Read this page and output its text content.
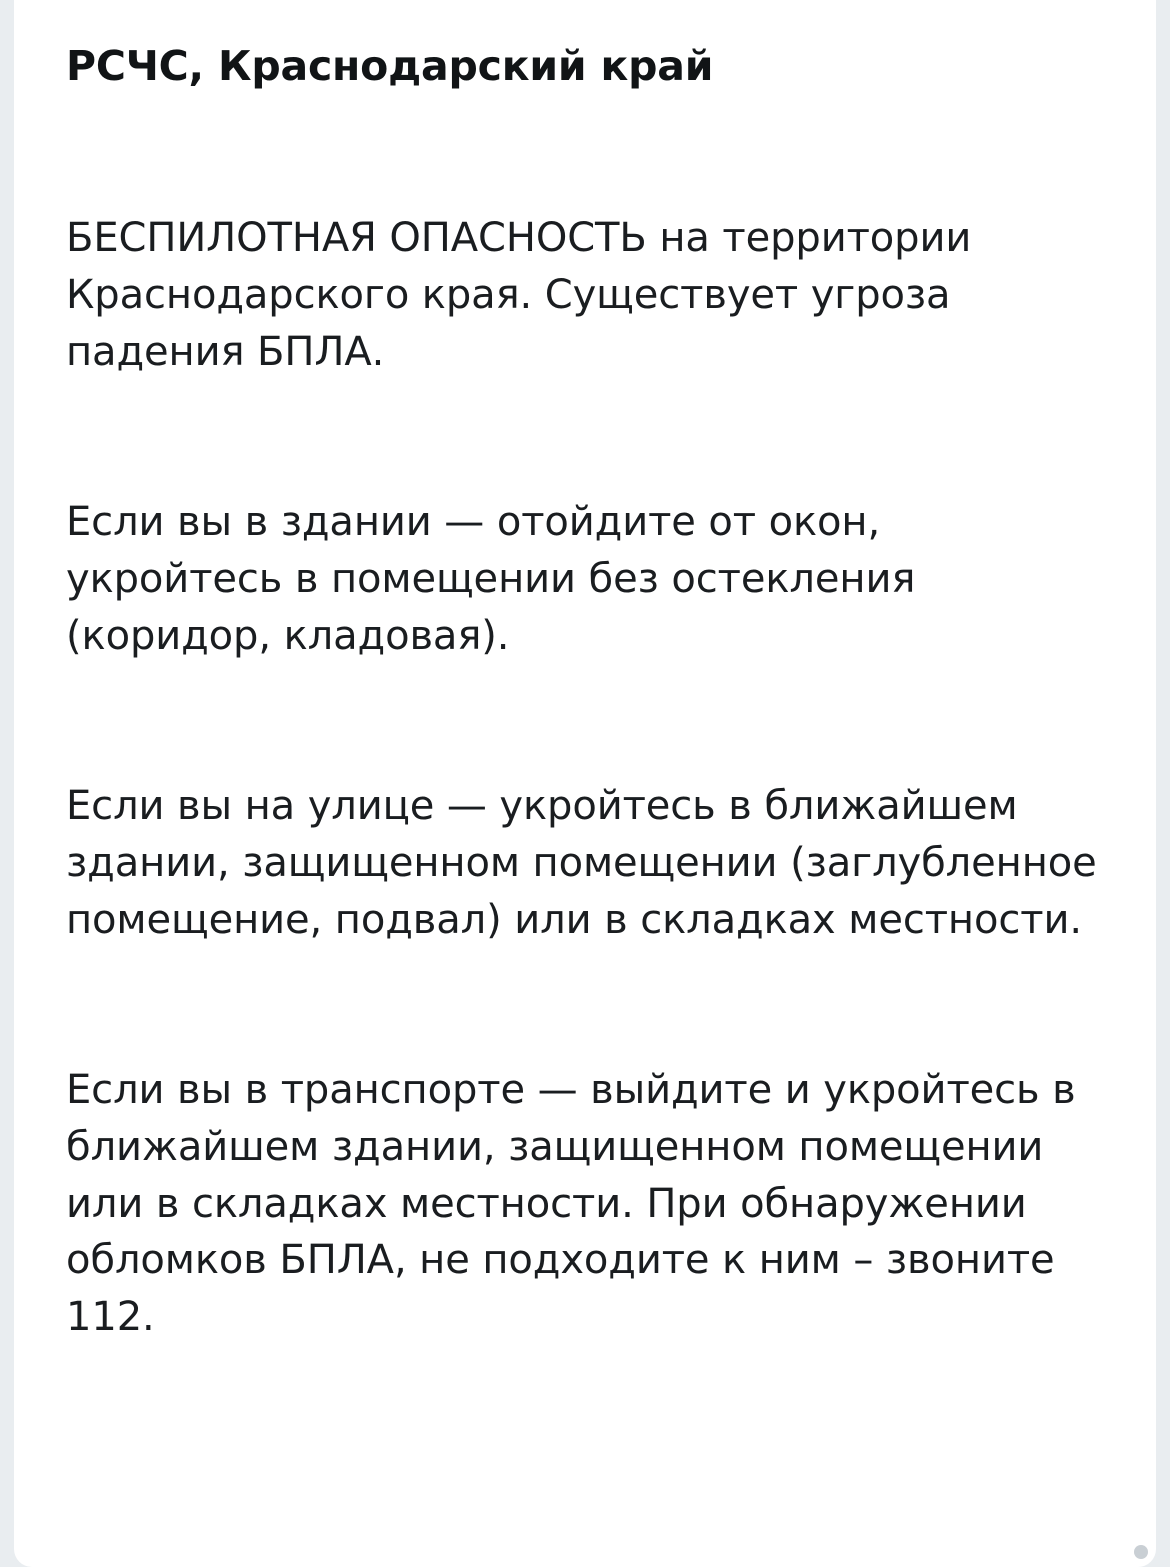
РСЧС, Краснодарский край

БЕСПИЛОТНАЯ ОПАСНОСТЬ на территории Краснодарского края. Существует угроза падения БПЛА.

Если вы в здании — отойдите от окон, укройтесь в помещении без остекления (коридор, кладовая).

Если вы на улице — укройтесь в ближайшем здании, защищенном помещении (заглубленное помещение, подвал) или в складках местности.

Если вы в транспорте — выйдите и укройтесь в ближайшем здании, защищенном помещении или в складках местности. При обнаружении обломков БПЛА, не подходите к ним – звоните 112.
